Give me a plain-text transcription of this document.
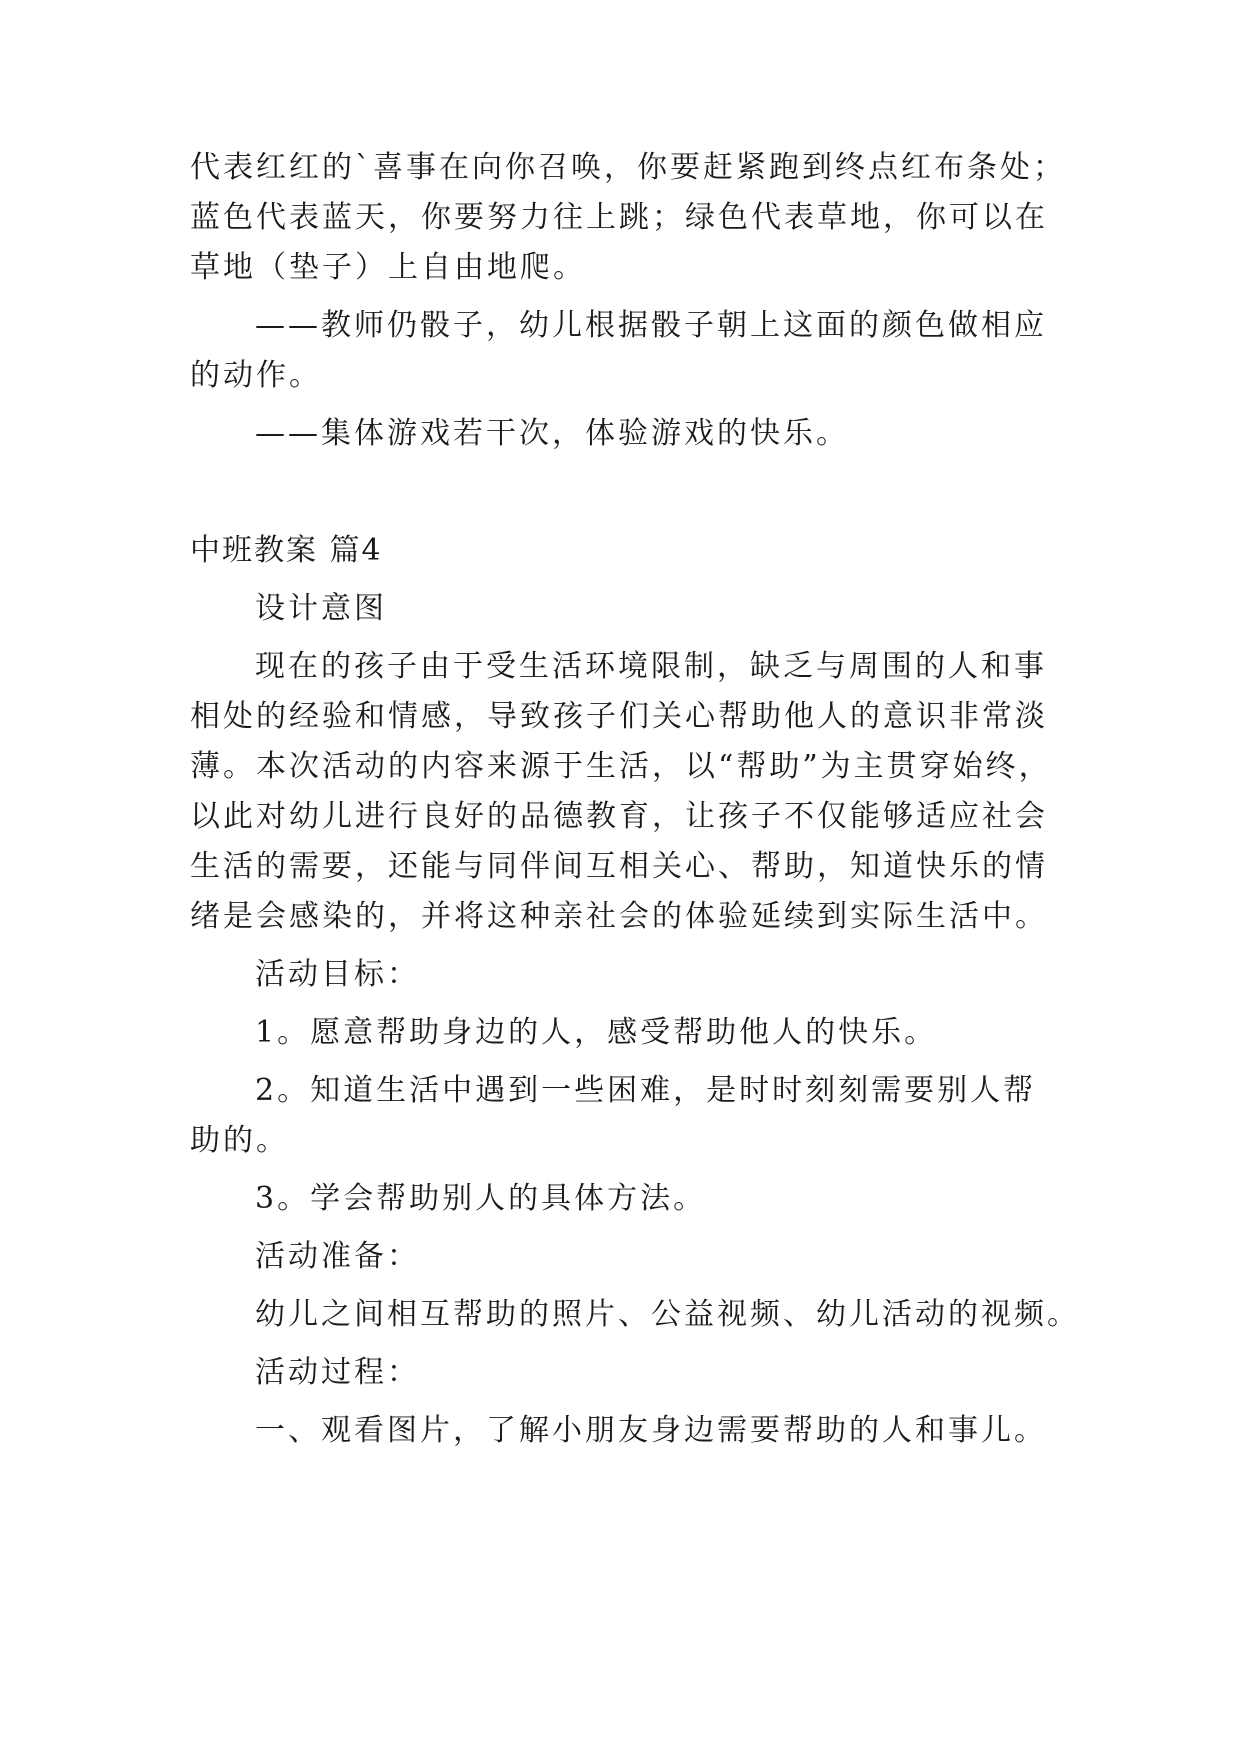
代表红红的`喜事在向你召唤，你要赶紧跑到终点红布条处；
蓝色代表蓝天，你要努力往上跳；绿色代表草地，你可以在
草地（垫子）上自由地爬。
——教师仍骰子，幼儿根据骰子朝上这面的颜色做相应
的动作。
——集体游戏若干次，体验游戏的快乐。
中班教案 篇4
设计意图
现在的孩子由于受生活环境限制，缺乏与周围的人和事
相处的经验和情感，导致孩子们关心帮助他人的意识非常淡
薄。本次活动的内容来源于生活，以“帮助”为主贯穿始终，
以此对幼儿进行良好的品德教育，让孩子不仅能够适应社会
生活的需要，还能与同伴间互相关心、帮助，知道快乐的情
绪是会感染的，并将这种亲社会的体验延续到实际生活中。
活动目标：
1。愿意帮助身边的人，感受帮助他人的快乐。
2。知道生活中遇到一些困难，是时时刻刻需要别人帮
助的。
3。学会帮助别人的具体方法。
活动准备：
幼儿之间相互帮助的照片、公益视频、幼儿活动的视频。
活动过程：
一、观看图片，了解小朋友身边需要帮助的人和事儿。
